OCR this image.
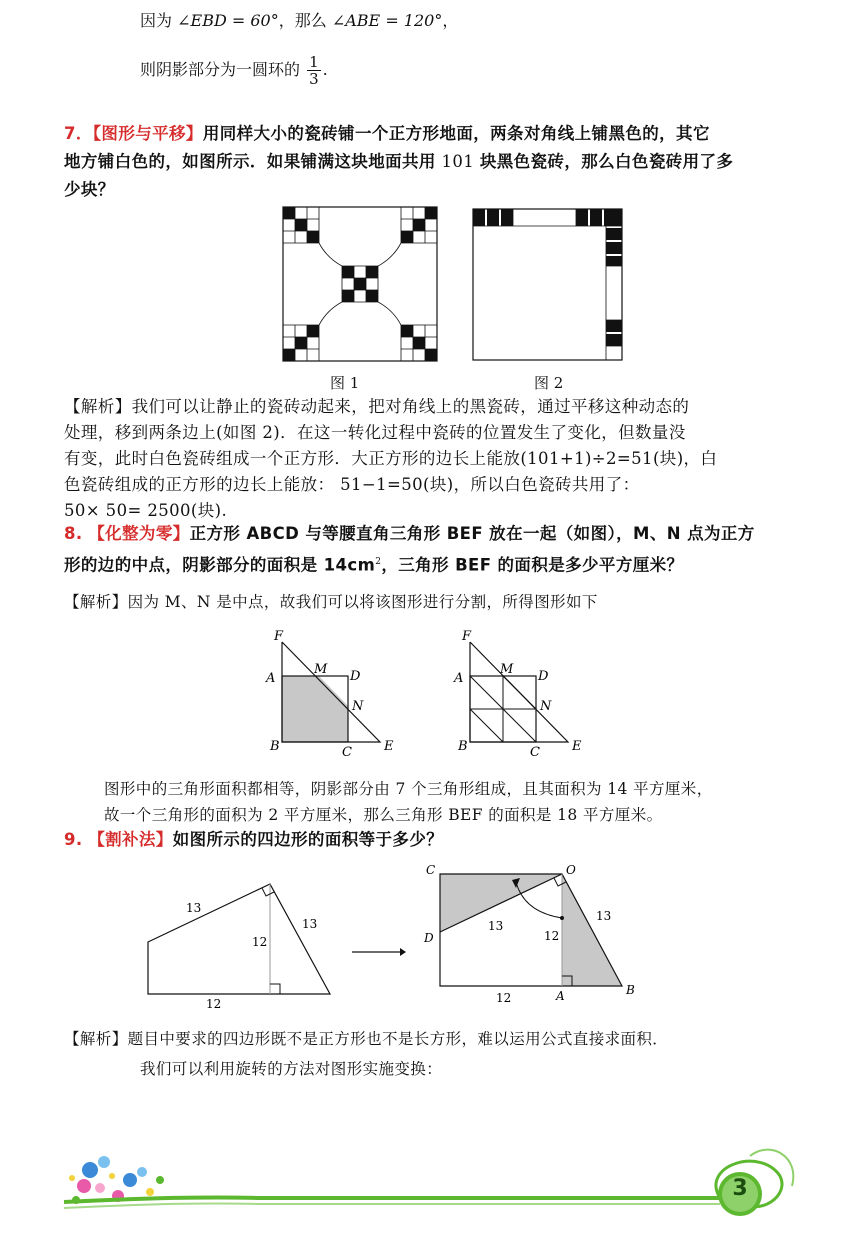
因为 ∠EBD = 60°，那么 ∠ABE = 120°，
则阴影部分为一圆环的 $\frac{1}{3}$ .
7．【图形与平移】用同样大小的瓷砖铺一个正方形地面，两条对角线上铺黑色的，其它
地方铺白色的，如图所示．如果铺满这块地面共用 101 块黑色瓷砖，那么白色瓷砖用了多
少块？
图 1	图 2
【解析】我们可以让静止的瓷砖动起来，把对角线上的黑瓷砖，通过平移这种动态的
处理，移到两条边上(如图 2)．在这一转化过程中瓷砖的位置发生了变化，但数量没
有变，此时白色瓷砖组成一个正方形．大正方形的边长上能放(101+1)÷2=51(块)，白
色瓷砖组成的正方形的边长上能放： 51−1=50(块)，所以白色瓷砖共用了：
50× 50= 2500(块).
8. 【化整为零】正方形 ABCD 与等腰直角三角形 BEF 放在一起（如图），M、N 点为正方
形的边的中点，阴影部分的面积是 $14cm^2$，三角形 BEF 的面积是多少平方厘米？
【解析】因为 M、N 是中点，故我们可以将该图形进行分割，所得图形如下
F
A
M D
N
B	C E
F
A
M D
N
B	C E
图形中的三角形面积都相等，阴影部分由 7 个三角形组成，且其面积为 14 平方厘米，
故一个三角形的面积为 2 平方厘米，那么三角形 BEF 的面积是 18 平方厘米。
9. 【割补法】如图所示的四边形的面积等于多少？
13
13
12
12
C	O
D
A	B
13
13
12
12
【解析】题目中要求的四边形既不是正方形也不是长方形，难以运用公式直接求面积．
我们可以利用旋转的方法对图形实施变换：
3
